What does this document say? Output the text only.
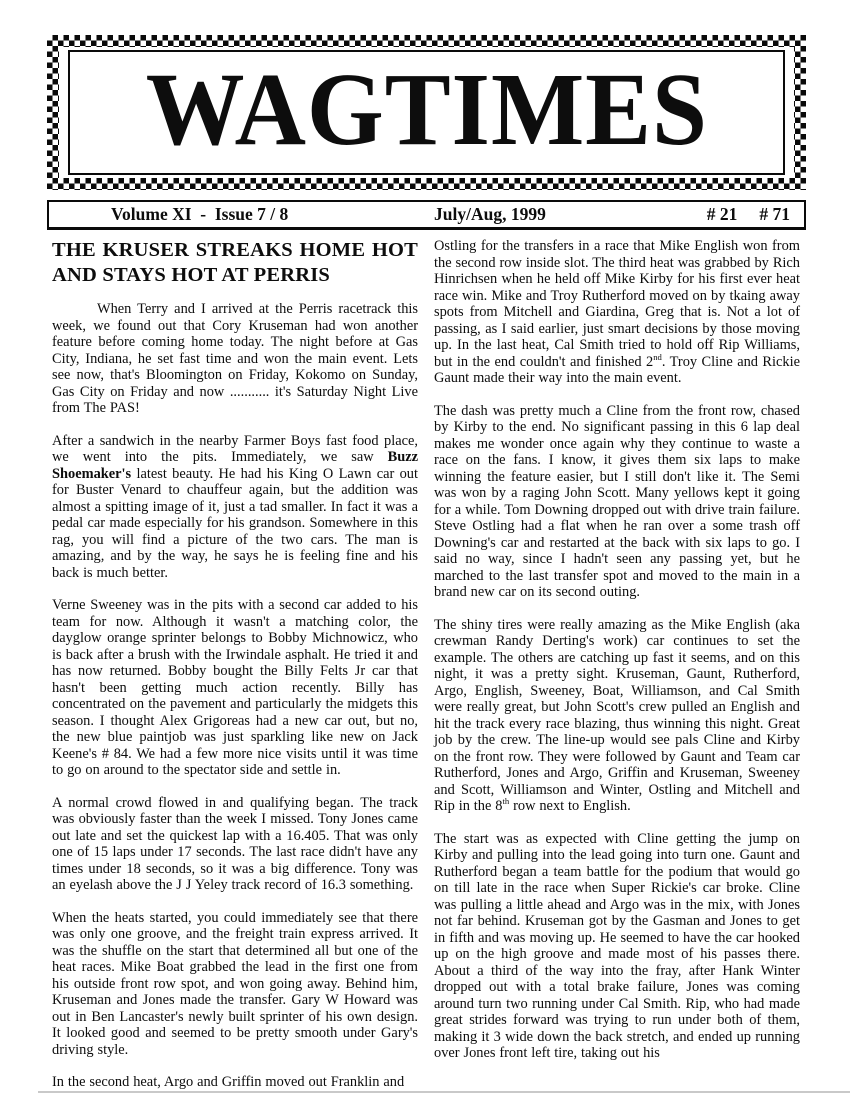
WAGTIMES
Volume XI  -  Issue 7 / 8	July/Aug, 1999	# 21 # 71
THE KRUSER STREAKS HOME HOT
AND STAYS HOT AT PERRIS

When Terry and I arrived at the Perris racetrack this week, we found out that Cory Kruseman had won another feature before coming home today. The night before at Gas City, Indiana, he set fast time and won the main event. Lets see now, that's Bloomington on Friday, Kokomo on Sunday, Gas City on Friday and now ........... it's Saturday Night Live from The PAS!

After a sandwich in the nearby Farmer Boys fast food place, we went into the pits. Immediately, we saw Buzz Shoemaker's latest beauty. He had his King O Lawn car out for Buster Venard to chauffeur again, but the addition was almost a spitting image of it, just a tad smaller. In fact it was a pedal car made especially for his grandson. Somewhere in this rag, you will find a picture of the two cars. The man is amazing, and by the way, he says he is feeling fine and his back is much better.

Verne Sweeney was in the pits with a second car added to his team for now. Although it wasn't a matching color, the dayglow orange sprinter belongs to Bobby Michnowicz, who is back after a brush with the Irwindale asphalt. He tried it and has now returned. Bobby bought the Billy Felts Jr car that hasn't been getting much action recently. Billy has concentrated on the pavement and particularly the midgets this season. I thought Alex Grigoreas had a new car out, but no, the new blue paintjob was just sparkling like new on Jack Keene's # 84. We had a few more nice visits until it was time to go on around to the spectator side and settle in.

A normal crowd flowed in and qualifying began. The track was obviously faster than the week I missed. Tony Jones came out late and set the quickest lap with a 16.405. That was only one of 15 laps under 17 seconds. The last race didn't have any times under 18 seconds, so it was a big difference. Tony was an eyelash above the J J Yeley track record of 16.3 something.

When the heats started, you could immediately see that there was only one groove, and the freight train express arrived. It was the shuffle on the start that determined all but one of the heat races. Mike Boat grabbed the lead in the first one from his outside front row spot, and won going away. Behind him, Kruseman and Jones made the transfer. Gary W Howard was out in Ben Lancaster's newly built sprinter of his own design. It looked good and seemed to be pretty smooth under Gary's driving style.

In the second heat, Argo and Griffin moved out Franklin and

Ostling for the transfers in a race that Mike English won from the second row inside slot. The third heat was grabbed by Rich Hinrichsen when he held off Mike Kirby for his first ever heat race win. Mike and Troy Rutherford moved on by tkaing away spots from Mitchell and Giardina, Greg that is. Not a lot of passing, as I said earlier, just smart decisions by those moving up. In the last heat, Cal Smith tried to hold off Rip Williams, but in the end couldn't and finished 2nd. Troy Cline and Rickie Gaunt made their way into the main event.

The dash was pretty much a Cline from the front row, chased by Kirby to the end. No significant passing in this 6 lap deal makes me wonder once again why they continue to waste a race on the fans. I know, it gives them six laps to make winning the feature easier, but I still don't like it. The Semi was won by a raging John Scott. Many yellows kept it going for a while. Tom Downing dropped out with drive train failure. Steve Ostling had a flat when he ran over a some trash off Downing's car and restarted at the back with six laps to go. I said no way, since I hadn't seen any passing yet, but he marched to the last transfer spot and moved to the main in a brand new car on its second outing.

The shiny tires were really amazing as the Mike English (aka crewman Randy Derting's work) car continues to set the example. The others are catching up fast it seems, and on this night, it was a pretty sight. Kruseman, Gaunt, Rutherford, Argo, English, Sweeney, Boat, Williamson, and Cal Smith were really great, but John Scott's crew pulled an English and hit the track every race blazing, thus winning this night. Great job by the crew. The line-up would see pals Cline and Kirby on the front row. They were followed by Gaunt and Team car Rutherford, Jones and Argo, Griffin and Kruseman, Sweeney and Scott, Williamson and Winter, Ostling and Mitchell and Rip in the 8th row next to English.

The start was as expected with Cline getting the jump on Kirby and pulling into the lead going into turn one. Gaunt and Rutherford began a team battle for the podium that would go on till late in the race when Super Rickie's car broke. Cline was pulling a little ahead and Argo was in the mix, with Jones not far behind. Kruseman got by the Gasman and Jones to get in fifth and was moving up. He seemed to have the car hooked up on the high groove and made most of his passes there. About a third of the way into the fray, after Hank Winter dropped out with a total brake failure, Jones was coming around turn two running under Cal Smith. Rip, who had made great strides forward was trying to run under both of them, making it 3 wide down the back stretch, and ended up running over Jones front left tire, taking out his
